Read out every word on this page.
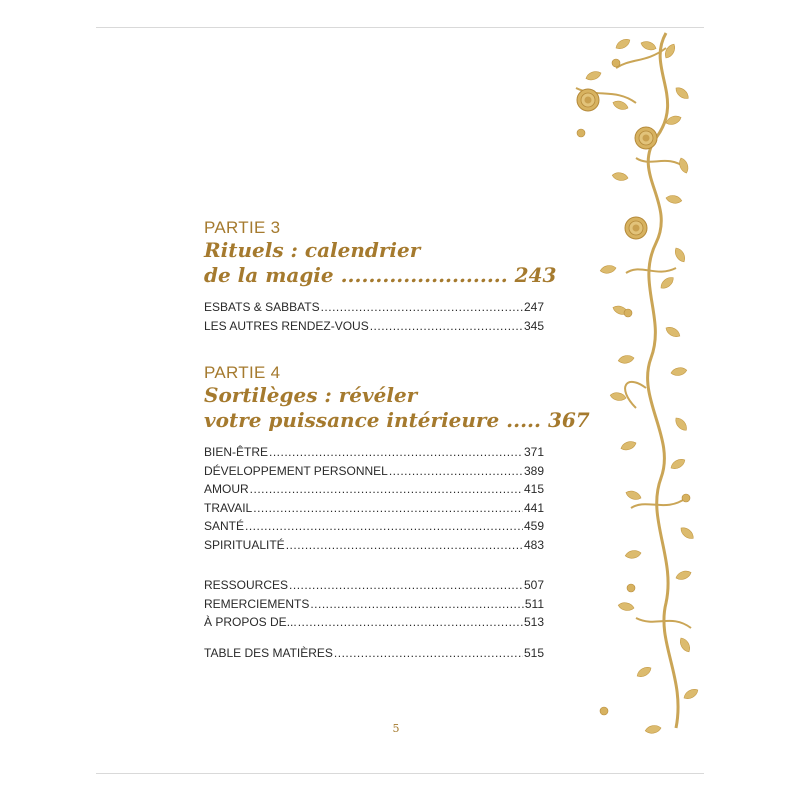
PARTIE 3
Rituels : calendrier
de la magie ........................ 243
ESBATS & SABBATS .....	247
LES AUTRES RENDEZ-VOUS .....	345
PARTIE 4
Sortilèges : révéler
votre puissance intérieure ..... 367
BIEN-ÊTRE .....	371
DÉVELOPPEMENT PERSONNEL .....	389
AMOUR .....	415
TRAVAIL .....	441
SANTÉ .....	459
SPIRITUALITÉ .....	483
RESSOURCES .....	507
REMERCIEMENTS .....	511
À PROPOS DE... .....	513
TABLE DES MATIÈRES .....	515
5
